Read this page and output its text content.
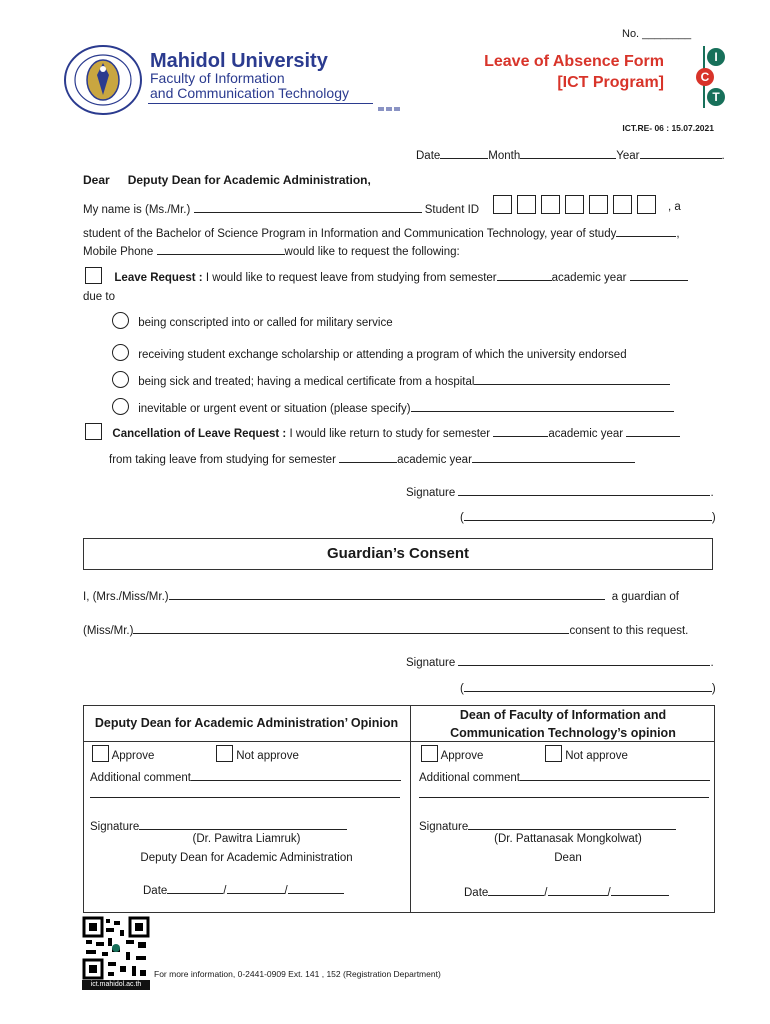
No. ________
Mahidol University
Faculty of Information
and Communication Technology
Leave of Absence Form
[ICT Program]
I
C
T
ICT.RE- 06 : 15.07.2021
Date	Month	Year	.
Dear Deputy Dean for Academic Administration,
My name is (Ms./Mr.)	Student ID	, a
student of the Bachelor of Science Program in Information and Communication Technology, year of study	,
Mobile Phone	would like to request the following:
Leave Request : I would like to request leave from studying from semester	academic year
due to
being conscripted into or called for military service
receiving student exchange scholarship or attending a program of which the university endorsed
being sick and treated; having a medical certificate from a hospital
inevitable or urgent event or situation (please specify)
Cancellation of Leave Request : I would like return to study for semester	academic year
from taking leave from studying for semester	academic year
Signature	.
(	)
Guardian’s Consent
I, (Mrs./Miss/Mr.)	a guardian of
(Miss/Mr.)	consent to this request.
Signature	.
(	)
Deputy Dean for Academic Administration’ Opinion
Dean of Faculty of Information and
Communication Technology’s opinion
Approve	Not approve
Additional comment
Signature
(Dr. Pawitra Liamruk)
Deputy Dean for Academic Administration
Date	/	/
Approve	Not approve
Additional comment
Signature
(Dr. Pattanasak Mongkolwat)
Dean
Date	/	/
ict.mahidol.ac.th
For more information, 0-2441-0909 Ext. 141 , 152 (Registration Department)
